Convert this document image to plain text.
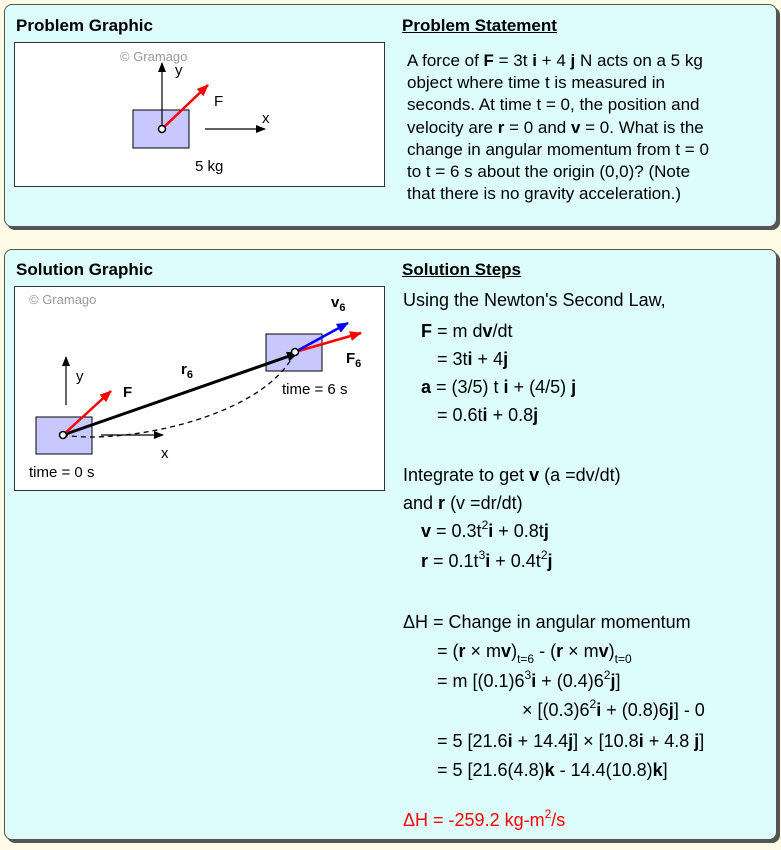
Problem Graphic	Problem Statement
© Gramago
y
x
F
5 kg
A force of F = 3t i + 4 j N acts on a 5 kg
object where time t is measured in
seconds. At time t = 0, the position and
velocity are r = 0 and v = 0. What is the
change in angular momentum from t = 0
to t = 6 s about the origin (0,0)? (Note
that there is no gravity acceleration.)
Solution Graphic	Solution Steps
© Gramago
y
x
F
$r_6$
$v_6$
$F_6$
time = 0 s
time = 6 s
Using the Newton's Second Law,
F = m dv/dt
= 3ti + 4j
a = (3/5) t i + (4/5) j
= 0.6ti + 0.8j
Integrate to get v (a =dv/dt)
and r (v =dr/dt)
$v = 0.3t^2i + 0.8tj$
$r = 0.1t^3i + 0.4t^2j$
ΔH = Change in angular momentum
= $(r \times mv)_{t=6} - (r \times mv)_{t=0}$
= m $[(0.1)6^3i + (0.4)6^2j]$
× $[(0.3)6^2i + (0.8)6j] - 0$
= 5 [21.6i + 14.4j] × [10.8i + 4.8 j]
= 5 [21.6(4.8)k - 14.4(10.8)k]
ΔH = -259.2 $kg-m^2/s$
